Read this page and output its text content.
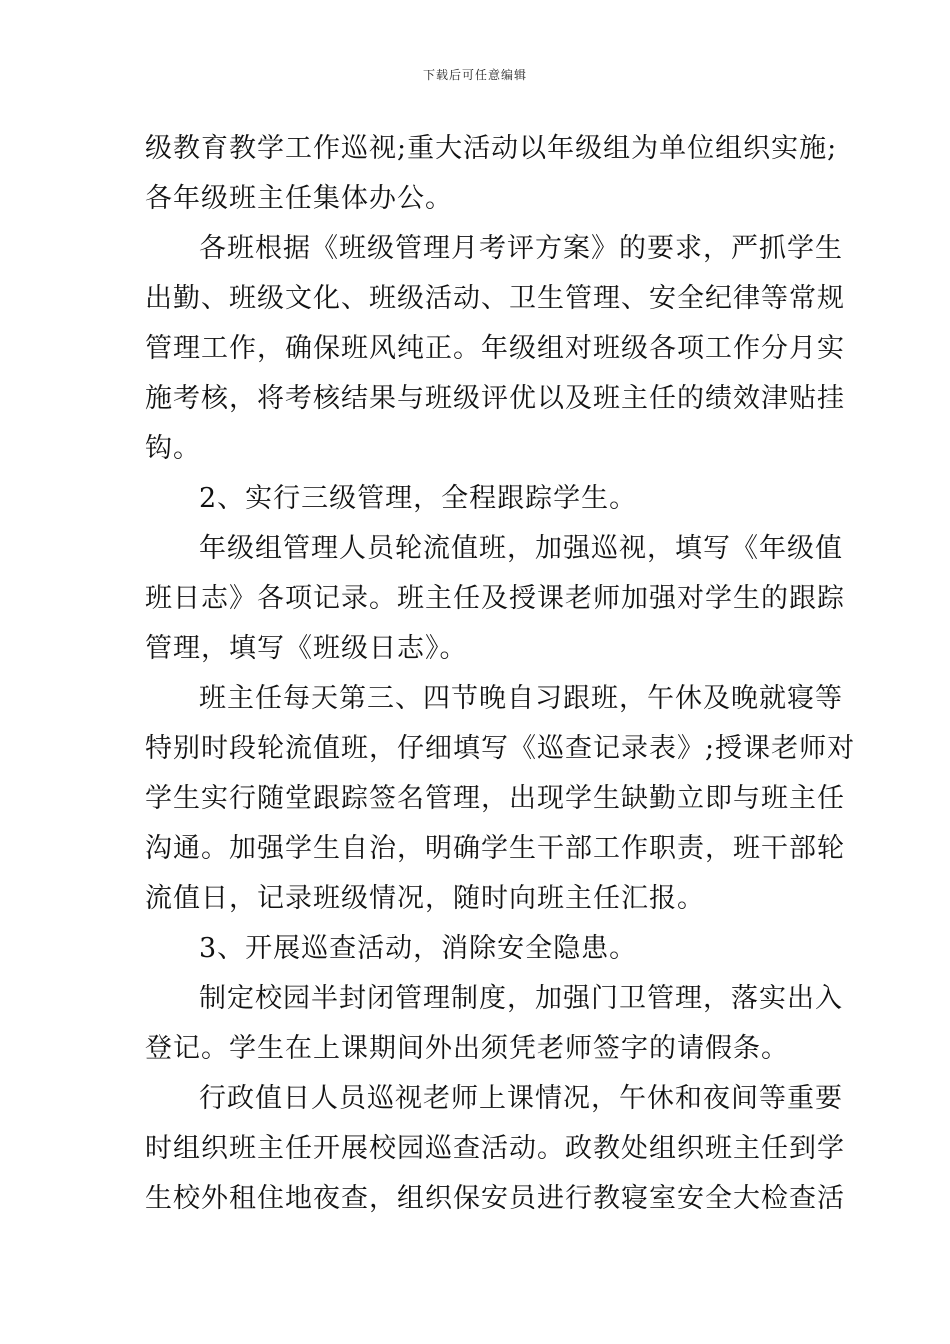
下载后可任意编辑
级教育教学工作巡视;重大活动以年级组为单位组织实施;
各年级班主任集体办公。
各班根据《班级管理月考评方案》的要求，严抓学生
出勤、班级文化、班级活动、卫生管理、安全纪律等常规
管理工作，确保班风纯正。年级组对班级各项工作分月实
施考核，将考核结果与班级评优以及班主任的绩效津贴挂
钩。
2、实行三级管理，全程跟踪学生。
年级组管理人员轮流值班，加强巡视，填写《年级值
班日志》各项记录。班主任及授课老师加强对学生的跟踪
管理，填写《班级日志》。
班主任每天第三、四节晚自习跟班，午休及晚就寝等
特别时段轮流值班，仔细填写《巡查记录表》;授课老师对
学生实行随堂跟踪签名管理，出现学生缺勤立即与班主任
沟通。加强学生自治，明确学生干部工作职责，班干部轮
流值日，记录班级情况，随时向班主任汇报。
3、开展巡查活动，消除安全隐患。
制定校园半封闭管理制度，加强门卫管理，落实出入
登记。学生在上课期间外出须凭老师签字的请假条。
行政值日人员巡视老师上课情况，午休和夜间等重要
时组织班主任开展校园巡查活动。政教处组织班主任到学
生校外租住地夜查，组织保安员进行教寝室安全大检查活
